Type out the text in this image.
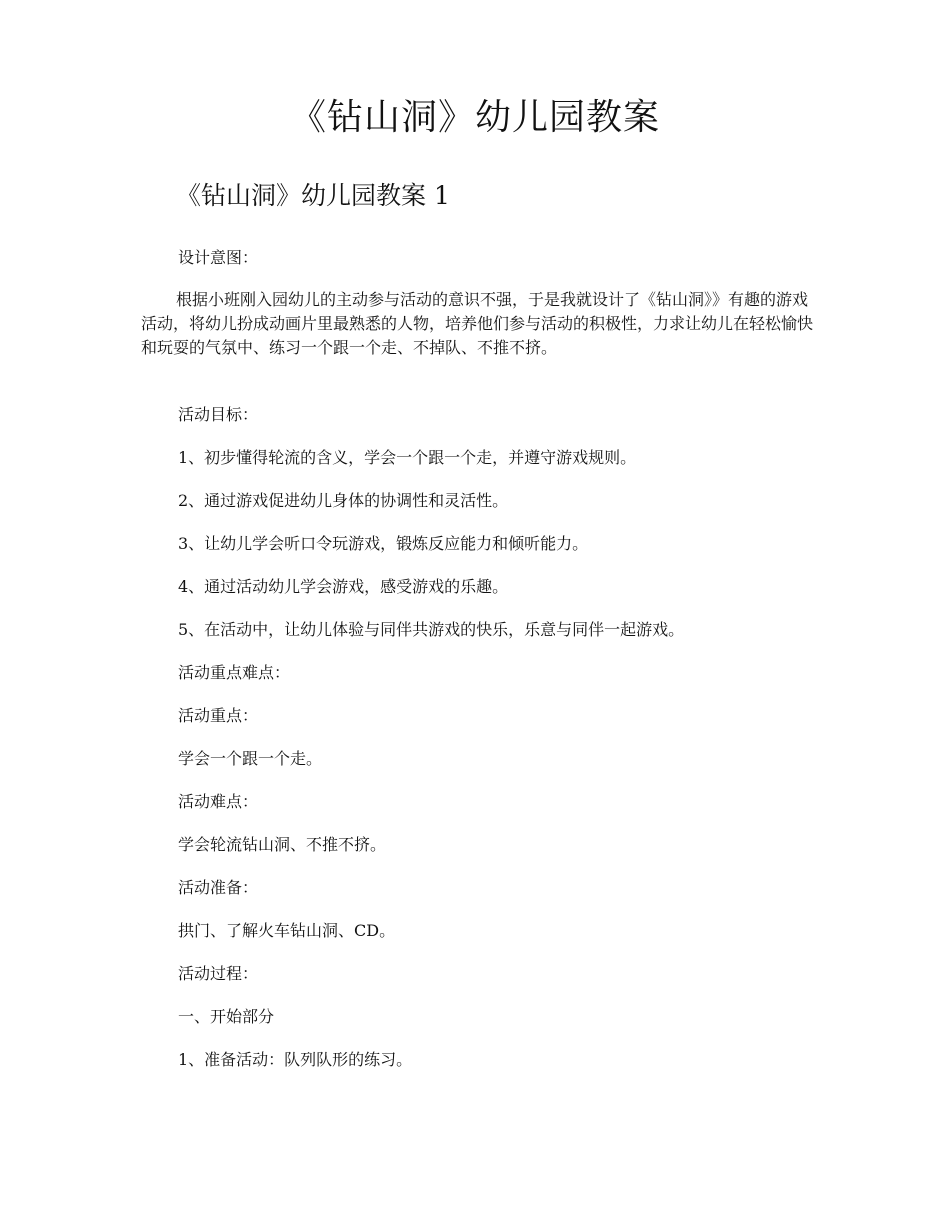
《钻山洞》幼儿园教案
《钻山洞》幼儿园教案 1

设计意图：

根据小班刚入园幼儿的主动参与活动的意识不强，于是我就设计了《钻山洞》》有趣的游戏活动，将幼儿扮成动画片里最熟悉的人物，培养他们参与活动的积极性，力求让幼儿在轻松愉快和玩耍的气氛中、练习一个跟一个走、不掉队、不推不挤。

活动目标：

1、初步懂得轮流的含义，学会一个跟一个走，并遵守游戏规则。

2、通过游戏促进幼儿身体的协调性和灵活性。

3、让幼儿学会听口令玩游戏，锻炼反应能力和倾听能力。

4、通过活动幼儿学会游戏，感受游戏的乐趣。

5、在活动中，让幼儿体验与同伴共游戏的快乐，乐意与同伴一起游戏。

活动重点难点：

活动重点：

学会一个跟一个走。

活动难点：

学会轮流钻山洞、不推不挤。

活动准备：

拱门、了解火车钻山洞、CD。

活动过程：

一、开始部分

1、准备活动：队列队形的练习。
